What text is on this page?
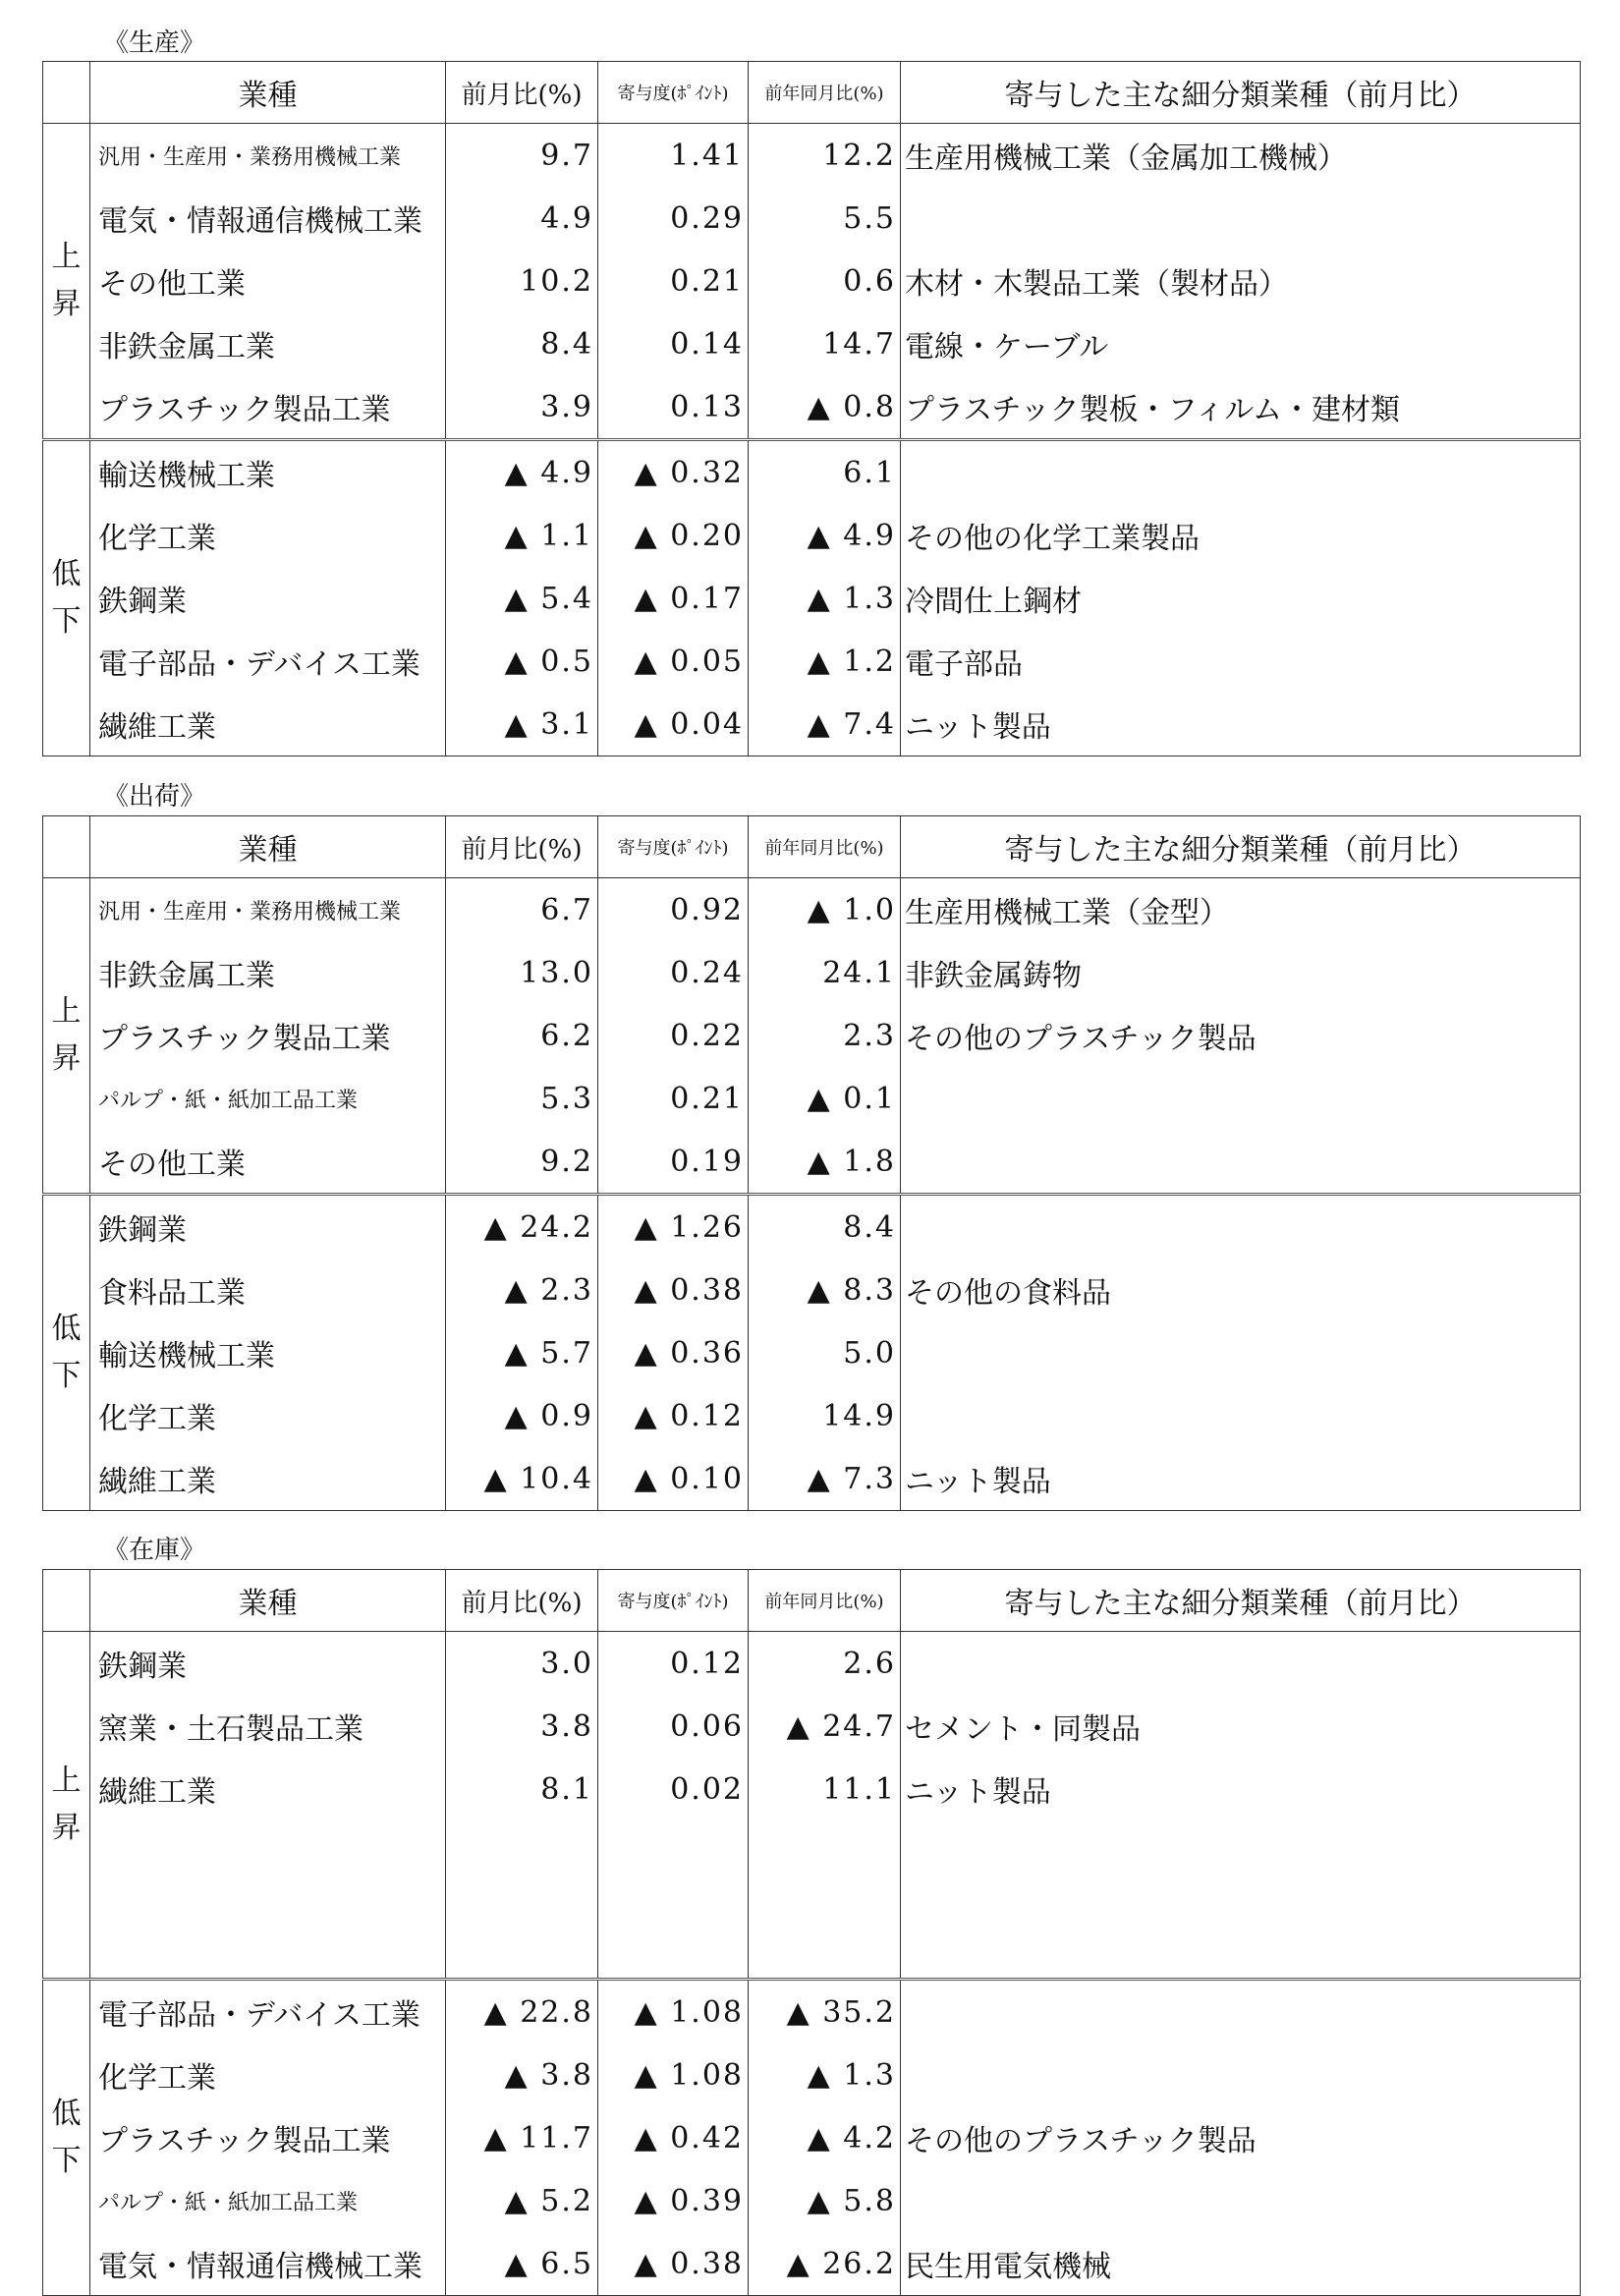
《生産》
	業種	前月比(%)	寄与度(ﾎﾟｲﾝﾄ)	前年同月比(%)	寄与した主な細分類業種（前月比）

上
昇	汎用・生産用・業務用機械工業	9.7	1.41	12.2	生産用機械工業（金属加工機械）
	電気・情報通信機械工業	4.9	0.29	5.5	
	その他工業	10.2	0.21	0.6	木材・木製品工業（製材品）
	非鉄金属工業	8.4	0.14	14.7	電線・ケーブル
	プラスチック製品工業	3.9	0.13	▲ 0.8	プラスチック製板・フィルム・建材類

低
下	輸送機械工業	▲ 4.9	▲ 0.32	6.1	
	化学工業	▲ 1.1	▲ 0.20	▲ 4.9	その他の化学工業製品
	鉄鋼業	▲ 5.4	▲ 0.17	▲ 1.3	冷間仕上鋼材
	電子部品・デバイス工業	▲ 0.5	▲ 0.05	▲ 1.2	電子部品
	繊維工業	▲ 3.1	▲ 0.04	▲ 7.4	ニット製品
《出荷》
	業種	前月比(%)	寄与度(ﾎﾟｲﾝﾄ)	前年同月比(%)	寄与した主な細分類業種（前月比）

上
昇	汎用・生産用・業務用機械工業	6.7	0.92	▲ 1.0	生産用機械工業（金型）
	非鉄金属工業	13.0	0.24	24.1	非鉄金属鋳物
	プラスチック製品工業	6.2	0.22	2.3	その他のプラスチック製品
	パルプ・紙・紙加工品工業	5.3	0.21	▲ 0.1	
	その他工業	9.2	0.19	▲ 1.8	

低
下	鉄鋼業	▲ 24.2	▲ 1.26	8.4	
	食料品工業	▲ 2.3	▲ 0.38	▲ 8.3	その他の食料品
	輸送機械工業	▲ 5.7	▲ 0.36	5.0	
	化学工業	▲ 0.9	▲ 0.12	14.9	
	繊維工業	▲ 10.4	▲ 0.10	▲ 7.3	ニット製品
《在庫》
	業種	前月比(%)	寄与度(ﾎﾟｲﾝﾄ)	前年同月比(%)	寄与した主な細分類業種（前月比）

上
昇	鉄鋼業	3.0	0.12	2.6	
	窯業・土石製品工業	3.8	0.06	▲ 24.7	セメント・同製品
	繊維工業	8.1	0.02	11.1	ニット製品

低
下	電子部品・デバイス工業	▲ 22.8	▲ 1.08	▲ 35.2	
	化学工業	▲ 3.8	▲ 1.08	▲ 1.3	
	プラスチック製品工業	▲ 11.7	▲ 0.42	▲ 4.2	その他のプラスチック製品
	パルプ・紙・紙加工品工業	▲ 5.2	▲ 0.39	▲ 5.8	
	電気・情報通信機械工業	▲ 6.5	▲ 0.38	▲ 26.2	民生用電気機械
